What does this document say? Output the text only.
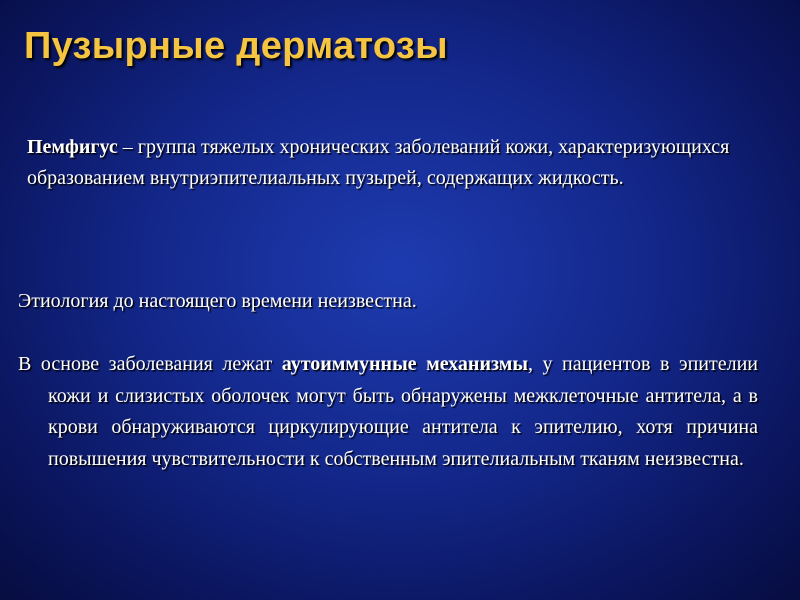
Пузырные дерматозы

Пемфигус – группа тяжелых хронических заболеваний кожи, характеризующихся образованием внутриэпителиальных пузырей, содержащих жидкость.

Этиология до настоящего времени неизвестна.

В основе заболевания лежат аутоиммунные механизмы, у пациентов в эпителии кожи и слизистых оболочек могут быть обнаружены межклеточные антитела, а в крови обнаруживаются циркулирующие антитела к эпителию, хотя причина повышения чувствительности к собственным эпителиальным тканям неизвестна.
